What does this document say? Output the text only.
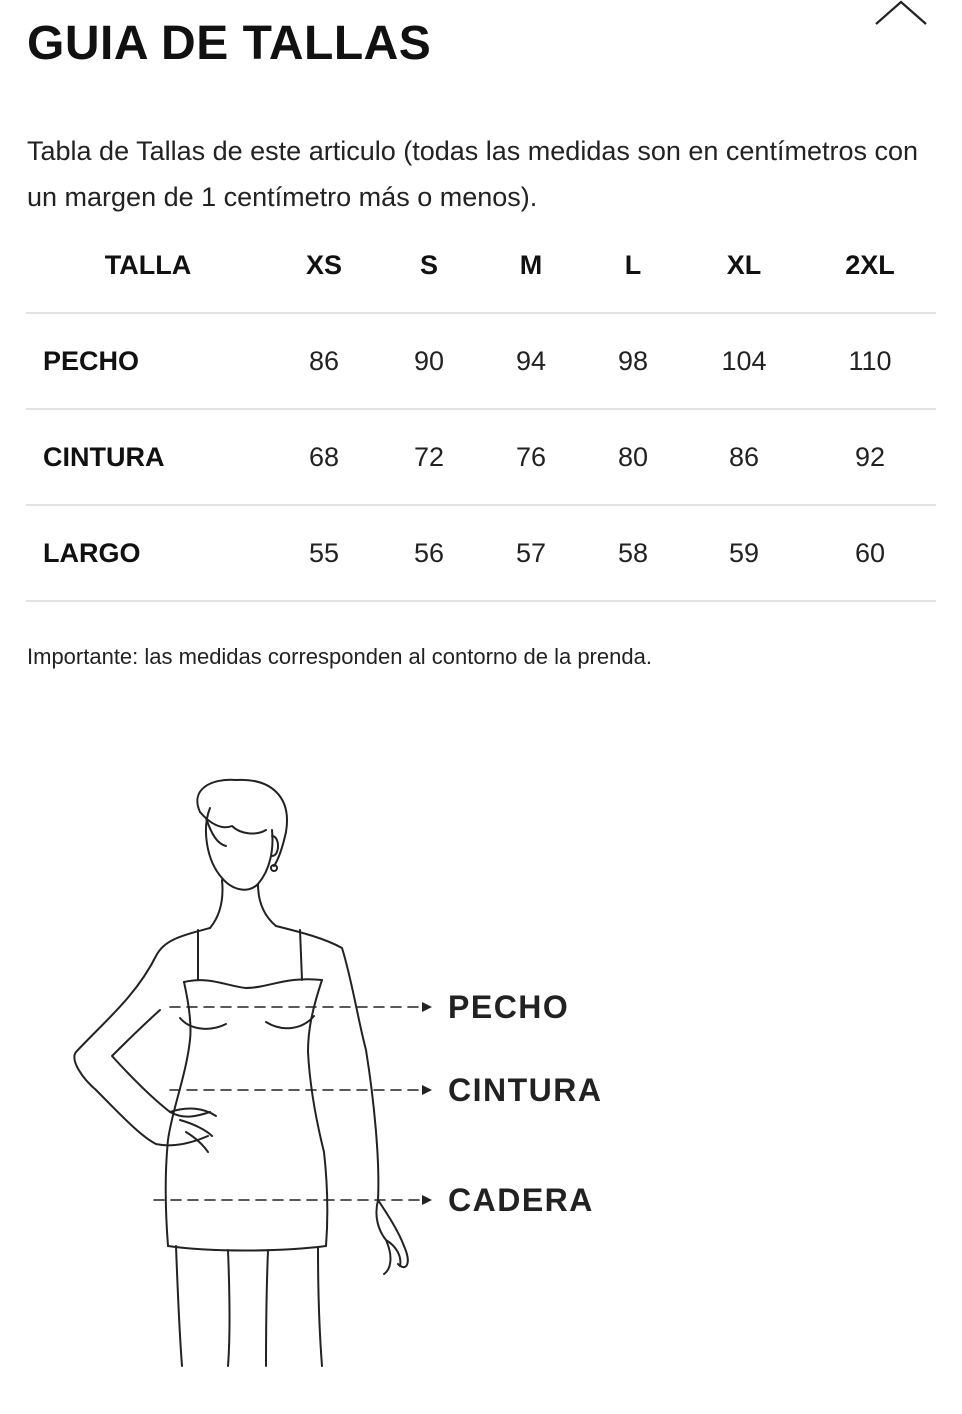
GUIA DE TALLAS

Tabla de Tallas de este articulo (todas las medidas son en centímetros con un margen de 1 centímetro más o menos).

TALLA	XS	S	M	L	XL	2XL
PECHO	86	90	94	98	104	110
CINTURA	68	72	76	80	86	92
LARGO	55	56	57	58	59	60

Importante: las medidas corresponden al contorno de la prenda.

PECHO
CINTURA
CADERA
